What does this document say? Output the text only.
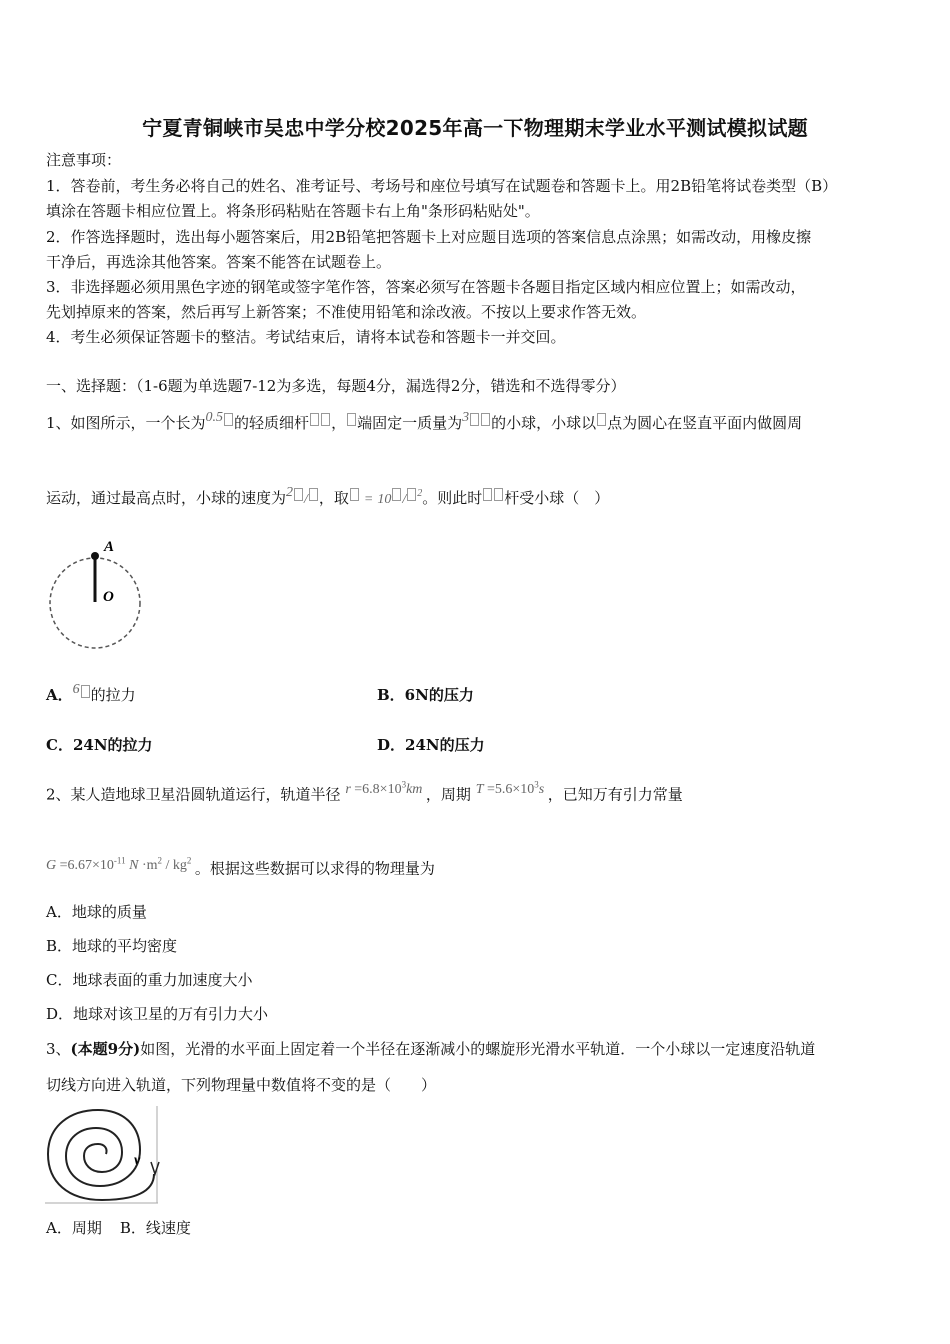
宁夏青铜峡市吴忠中学分校2025年高一下物理期末学业水平测试模拟试题
注意事项：
1．答卷前，考生务必将自己的姓名、准考证号、考场号和座位号填写在试题卷和答题卡上。用2B铅笔将试卷类型（B）
填涂在答题卡相应位置上。将条形码粘贴在答题卡右上角"条形码粘贴处"。
2．作答选择题时，选出每小题答案后，用2B铅笔把答题卡上对应题目选项的答案信息点涂黑；如需改动，用橡皮擦
干净后，再选涂其他答案。答案不能答在试题卷上。
3．非选择题必须用黑色字迹的钢笔或签字笔作答，答案必须写在答题卡各题目指定区域内相应位置上；如需改动，
先划掉原来的答案，然后再写上新答案；不准使用铅笔和涂改液。不按以上要求作答无效。
4．考生必须保证答题卡的整洁。考试结束后，请将本试卷和答题卡一并交回。
一、选择题：（1-6题为单选题7-12为多选，每题4分，漏选得2分，错选和不选得零分）
1、如图所示，一个长为0.5 的轻质细杆 ， 端固定一质量为3 的小球，小球以 点为圆心在竖直平面内做圆周
运动，通过最高点时，小球的速度为2 / ，取 = 10 / $^2$。则此时 杆受小球（　）
A
O
A．6 的拉力	B．6N的压力
C．24N的拉力	D．24N的压力
2、某人造地球卫星沿圆轨道运行，轨道半径 $r =6.8\times 10^3km$ ，周期 $T =5.6\times 10^3s$ ，已知万有引力常量
$G =6.67\times 10^{-11}$ $N \cdot m^2 / kg^2$ 。根据这些数据可以求得的物理量为
A．地球的质量
B．地球的平均密度
C．地球表面的重力加速度大小
D．地球对该卫星的万有引力大小
3、(本题9分)如图，光滑的水平面上固定着一个半径在逐渐减小的螺旋形光滑水平轨道．一个小球以一定速度沿轨道
切线方向进入轨道，下列物理量中数值将不变的是（　　）
v
A．周期 B．线速度
